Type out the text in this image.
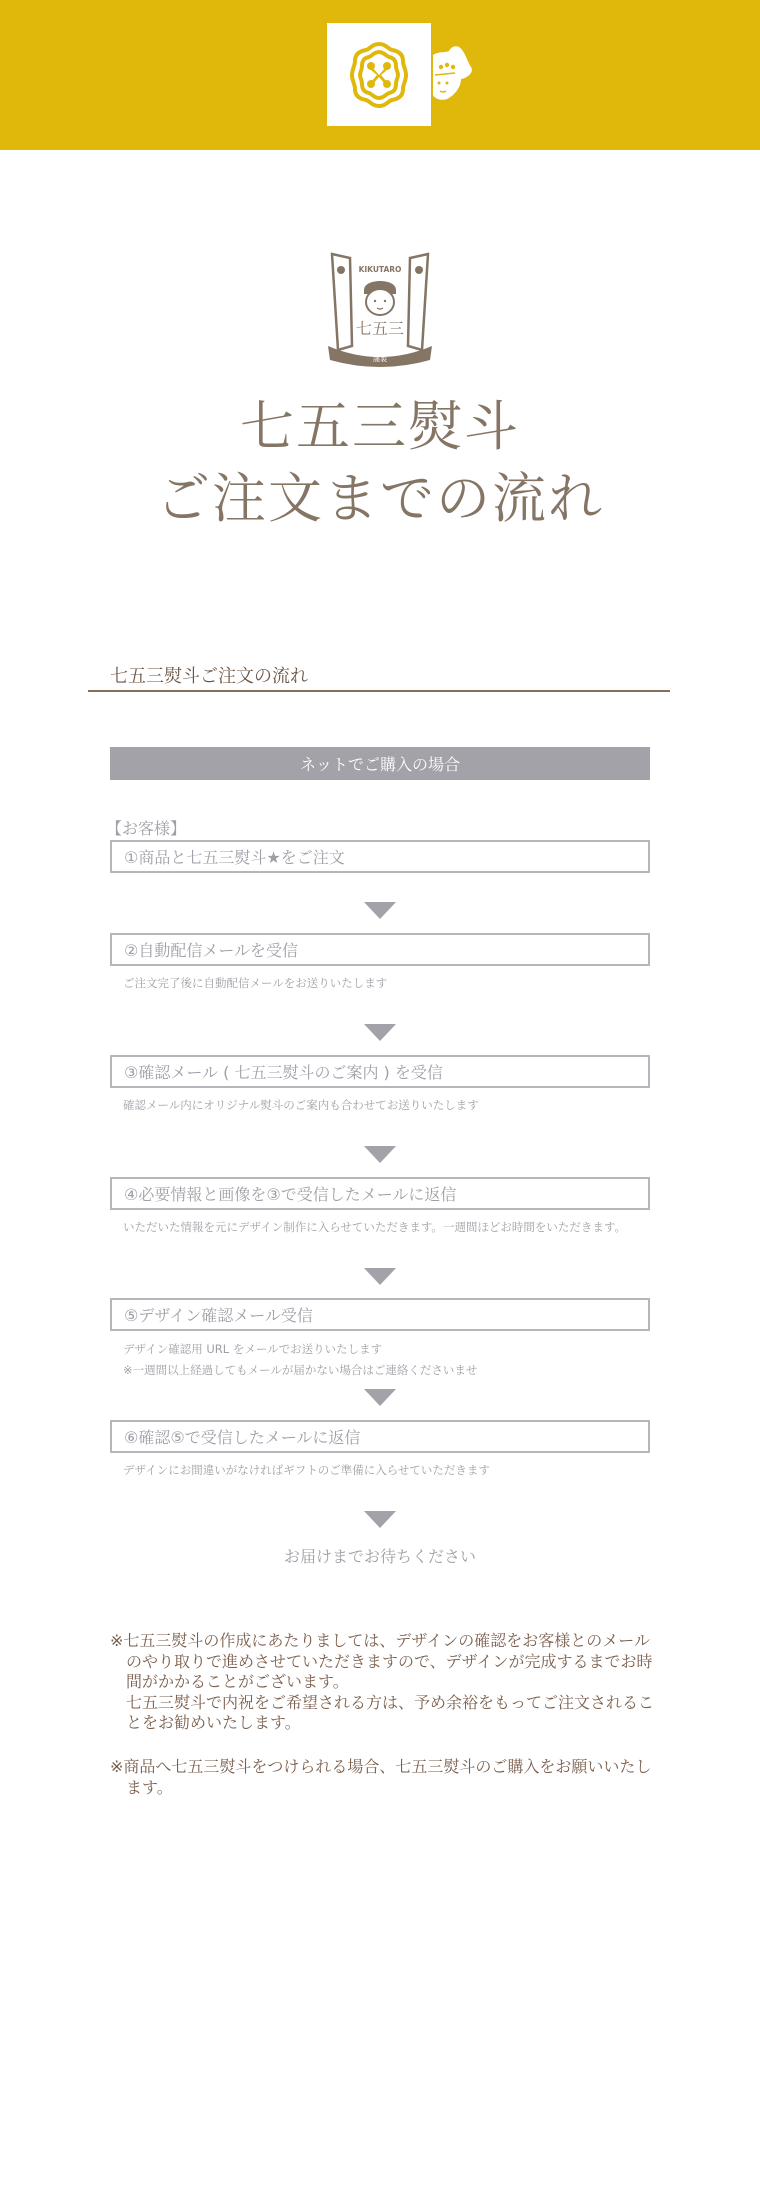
KIKUTARO
七五三
謹製
七五三熨斗
ご注文までの流れ
七五三熨斗ご注文の流れ
ネットでご購入の場合
【お客様】
①商品と七五三熨斗★をご注文
②自動配信メールを受信
ご注文完了後に自動配信メールをお送りいたします
③確認メール ( 七五三熨斗のご案内 ) を受信
確認メール内にオリジナル熨斗のご案内も合わせてお送りいたします
④必要情報と画像を③で受信したメールに返信
いただいた情報を元にデザイン制作に入らせていただきます。一週間ほどお時間をいただきます。
⑤デザイン確認メール受信
デザイン確認用 URL をメールでお送りいたします
※一週間以上経過してもメールが届かない場合はご連絡くださいませ
⑥確認⑤で受信したメールに返信
デザインにお間違いがなければギフトのご準備に入らせていただきます
お届けまでお待ちください
※七五三熨斗の作成にあたりましては、デザインの確認をお客様とのメールのやり取りで進めさせていただきますので、デザインが完成するまでお時間がかかることがございます。
七五三熨斗で内祝をご希望される方は、予め余裕をもってご注文されることをお勧めいたします。
※商品へ七五三熨斗をつけられる場合、七五三熨斗のご購入をお願いいたします。
